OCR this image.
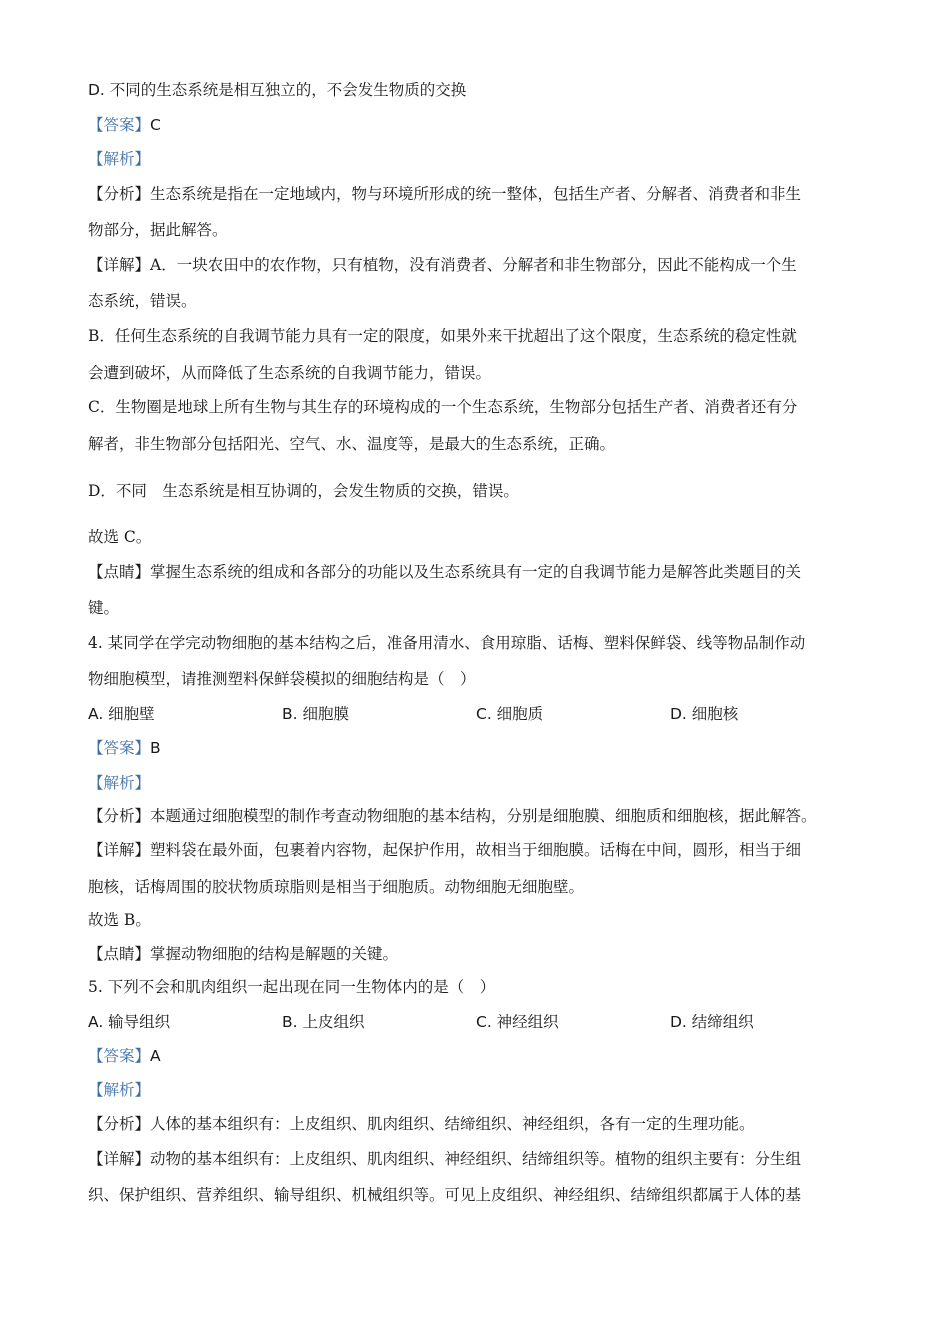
D. 不同的生态系统是相互独立的，不会发生物质的交换
【答案】C
【解析】
【分析】生态系统是指在一定地域内，物与环境所形成的统一整体，包括生产者、分解者、消费者和非生
物部分，据此解答。
【详解】A．一块农田中的农作物，只有植物，没有消费者、分解者和非生物部分，因此不能构成一个生
态系统，错误。
B．任何生态系统的自我调节能力具有一定的限度，如果外来干扰超出了这个限度，生态系统的稳定性就
会遭到破坏，从而降低了生态系统的自我调节能力，错误。
C．生物圈是地球上所有生物与其生存的环境构成的一个生态系统，生物部分包括生产者、消费者还有分
解者，非生物部分包括阳光、空气、水、温度等，是最大的生态系统，正确。
D．不同　生态系统是相互协调的，会发生物质的交换，错误。
故选 C。
【点睛】掌握生态系统的组成和各部分的功能以及生态系统具有一定的自我调节能力是解答此类题目的关
键。
4. 某同学在学完动物细胞的基本结构之后，准备用清水、食用琼脂、话梅、塑料保鲜袋、线等物品制作动
物细胞模型，请推测塑料保鲜袋模拟的细胞结构是（　）
A. 细胞壁	B. 细胞膜	C. 细胞质	D. 细胞核
【答案】B
【解析】
【分析】本题通过细胞模型的制作考查动物细胞的基本结构，分别是细胞膜、细胞质和细胞核，据此解答。
【详解】塑料袋在最外面，包裹着内容物，起保护作用，故相当于细胞膜。话梅在中间，圆形，相当于细
胞核，话梅周围的胶状物质琼脂则是相当于细胞质。动物细胞无细胞壁。
故选 B。
【点睛】掌握动物细胞的结构是解题的关键。
5. 下列不会和肌肉组织一起出现在同一生物体内的是（　）
A. 输导组织	B. 上皮组织	C. 神经组织	D. 结缔组织
【答案】A
【解析】
【分析】人体的基本组织有：上皮组织、肌肉组织、结缔组织、神经组织，各有一定的生理功能。
【详解】动物的基本组织有：上皮组织、肌肉组织、神经组织、结缔组织等。植物的组织主要有：分生组
织、保护组织、营养组织、输导组织、机械组织等。可见上皮组织、神经组织、结缔组织都属于人体的基
